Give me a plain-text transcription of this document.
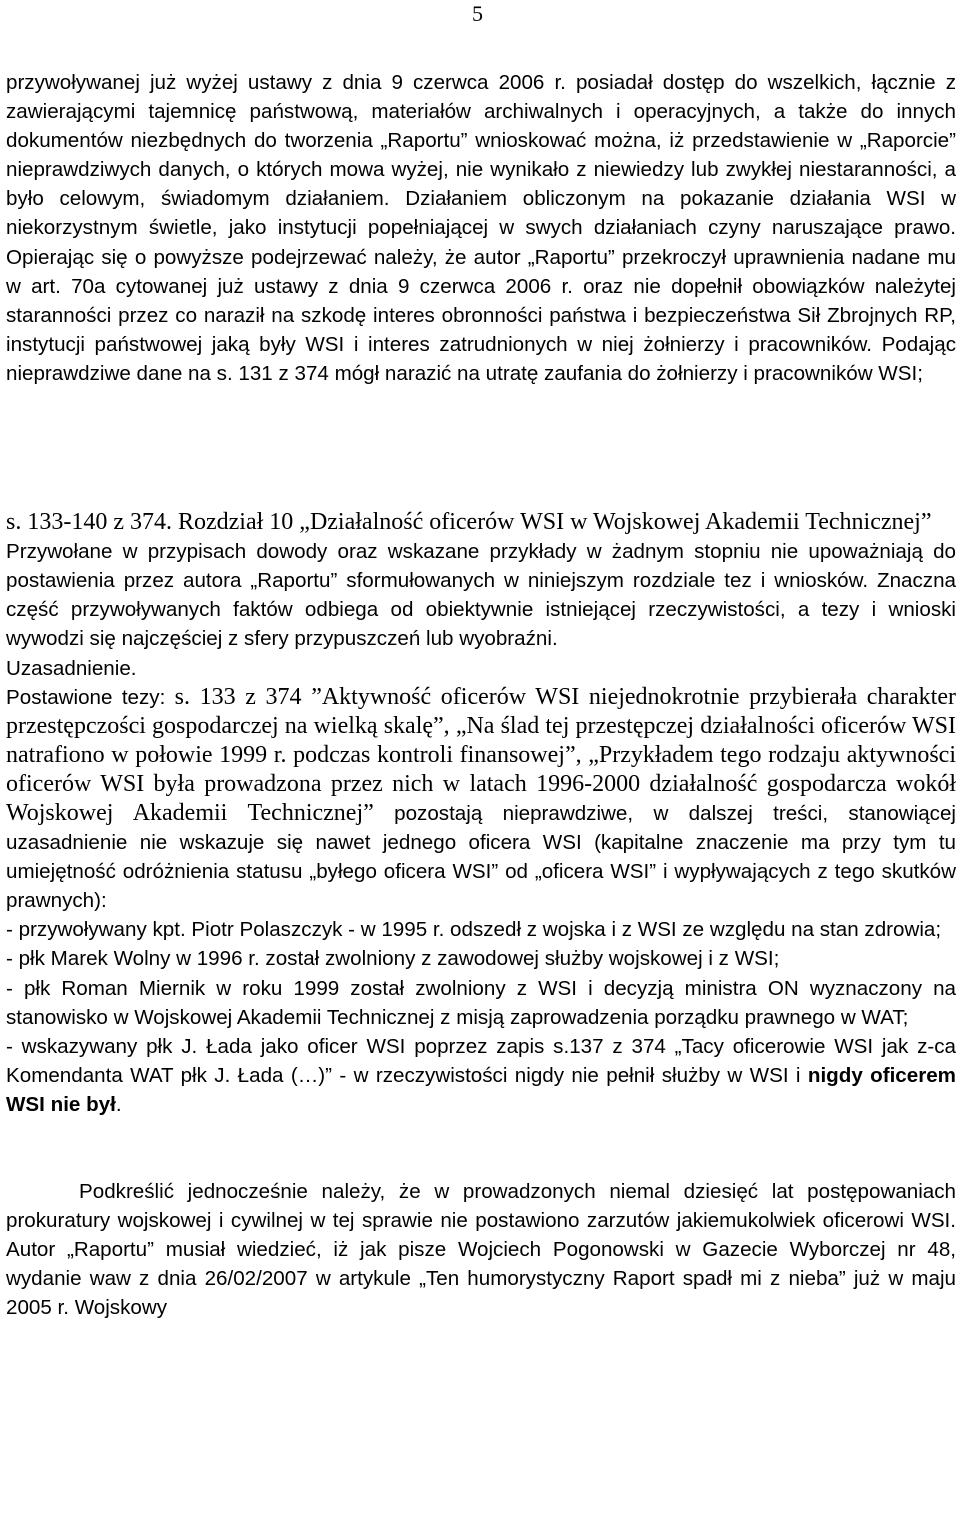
5

przywoływanej już wyżej ustawy z dnia 9 czerwca 2006 r. posiadał dostęp do wszelkich, łącznie z zawierającymi tajemnicę państwową, materiałów archiwalnych i operacyjnych, a także do innych dokumentów niezbędnych do tworzenia „Raportu” wnioskować można, iż przedstawienie w „Raporcie” nieprawdziwych danych, o których mowa wyżej, nie wynikało z niewiedzy lub zwykłej niestaranności, a było celowym, świadomym działaniem. Działaniem obliczonym na pokazanie działania WSI w niekorzystnym świetle, jako instytucji popełniającej w swych działaniach czyny naruszające prawo. Opierając się o powyższe podejrzewać należy, że autor „Raportu” przekroczył uprawnienia nadane mu w art. 70a cytowanej już ustawy z dnia 9 czerwca 2006 r. oraz nie dopełnił obowiązków należytej staranności przez co naraził na szkodę interes obronności państwa i bezpieczeństwa Sił Zbrojnych RP, instytucji państwowej jaką były WSI i interes zatrudnionych w niej żołnierzy i pracowników. Podając nieprawdziwe dane na s. 131 z 374 mógł narazić na utratę zaufania do żołnierzy i pracowników WSI;

s. 133-140 z 374. Rozdział 10 „Działalność oficerów WSI w Wojskowej Akademii Technicznej”

Przywołane w przypisach dowody oraz wskazane przykłady w żadnym stopniu nie upoważniają do postawienia przez autora „Raportu” sformułowanych w niniejszym rozdziale tez i wniosków. Znaczna część przywoływanych faktów odbiega od obiektywnie istniejącej rzeczywistości, a tezy i wnioski wywodzi się najczęściej z sfery przypuszczeń lub wyobraźni.

Uzasadnienie.

Postawione tezy: s. 133 z 374 ”Aktywność oficerów WSI niejednokrotnie przybierała charakter przestępczości gospodarczej na wielką skalę”, „Na ślad tej przestępczej działalności oficerów WSI natrafiono w połowie 1999 r. podczas kontroli finansowej”, „Przykładem tego rodzaju aktywności oficerów WSI była prowadzona przez nich w latach 1996-2000 działalność gospodarcza wokół Wojskowej Akademii Technicznej” pozostają nieprawdziwe, w dalszej treści, stanowiącej uzasadnienie nie wskazuje się nawet jednego oficera WSI (kapitalne znaczenie ma przy tym tu umiejętność odróżnienia statusu „byłego oficera WSI” od „oficera WSI” i wypływających z tego skutków prawnych):

- przywoływany kpt. Piotr Polaszczyk - w 1995 r. odszedł z wojska i z WSI ze względu na stan zdrowia;

- płk Marek Wolny w 1996 r. został zwolniony z zawodowej służby wojskowej i z WSI;

- płk Roman Miernik w roku 1999 został zwolniony z WSI i decyzją ministra ON wyznaczony na stanowisko w Wojskowej Akademii Technicznej z misją zaprowadzenia porządku prawnego w WAT;

- wskazywany płk J. Łada jako oficer WSI poprzez zapis s.137 z 374 „Tacy oficerowie WSI jak z-ca Komendanta WAT płk J. Łada (…)” - w rzeczywistości nigdy nie pełnił służby w WSI i nigdy oficerem WSI nie był.

Podkreślić jednocześnie należy, że w prowadzonych niemal dziesięć lat postępowaniach prokuratury wojskowej i cywilnej w tej sprawie nie postawiono zarzutów jakiemukolwiek oficerowi WSI. Autor „Raportu” musiał wiedzieć, iż jak pisze Wojciech Pogonowski w Gazecie Wyborczej nr 48, wydanie waw z dnia 26/02/2007 w artykule „Ten humorystyczny Raport spadł mi z nieba” już w maju 2005 r. Wojskowy
